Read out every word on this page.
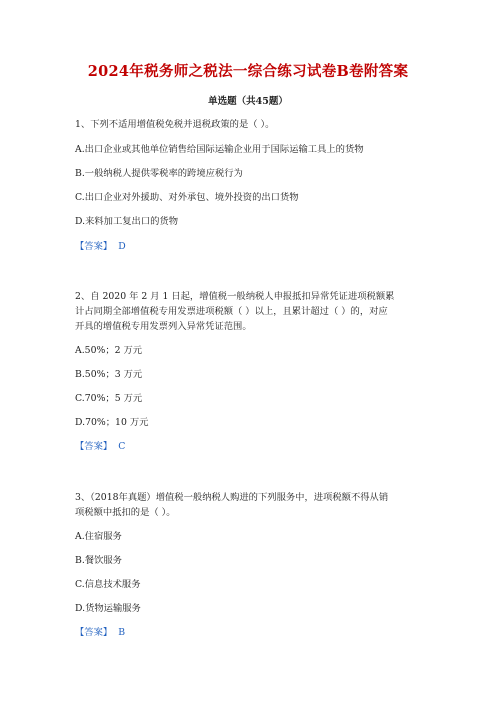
2024年税务师之税法一综合练习试卷B卷附答案
单选题（共45题）
1、下列不适用增值税免税并退税政策的是（ ）。
A.出口企业或其他单位销售给国际运输企业用于国际运输工具上的货物
B.一般纳税人提供零税率的跨境应税行为
C.出口企业对外援助、对外承包、境外投资的出口货物
D.来料加工复出口的货物
【答案】 D
2、自 2020 年 2 月 1 日起，增值税一般纳税人申报抵扣异常凭证进项税额累
计占同期全部增值税专用发票进项税额（ ）以上，且累计超过（ ）的，对应
开具的增值税专用发票列入异常凭证范围。
A.50%；2 万元
B.50%；3 万元
C.70%；5 万元
D.70%；10 万元
【答案】 C
3、（2018年真题）增值税一般纳税人购进的下列服务中，进项税额不得从销
项税额中抵扣的是（ ）。
A.住宿服务
B.餐饮服务
C.信息技术服务
D.货物运输服务
【答案】 B
